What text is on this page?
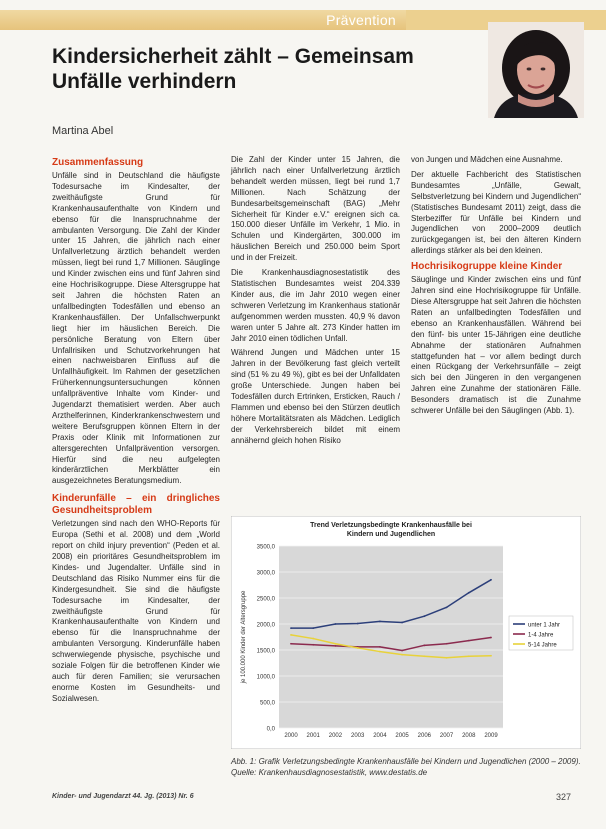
Prävention
Kindersicherheit zählt – Gemeinsam
Unfälle verhindern
Martina Abel
Zusammenfassung

Unfälle sind in Deutschland die häufigste Todesursache im Kindesalter, der zweithäufigste Grund für Krankenhausaufenthalte von Kindern und ebenso für die Inanspruchnahme der ambulanten Versorgung. Die Zahl der Kinder unter 15 Jahren, die jährlich nach einer Unfallverletzung ärztlich behandelt werden müssen, liegt bei rund 1,7 Millionen. Säuglinge und Kinder zwischen eins und fünf Jahren sind eine Hochrisikogruppe. Diese Altersgruppe hat seit Jahren die höchsten Raten an unfallbedingten Todesfällen und ebenso an Krankenhausfällen. Der Unfallschwerpunkt liegt hier im häuslichen Bereich. Die persönliche Beratung von Eltern über Unfallrisiken und Schutzvorkehrungen hat einen nachweisbaren Einfluss auf die Unfallhäufigkeit. Im Rahmen der gesetzlichen Früherkennungsuntersuchungen können unfallpräventive Inhalte vom Kinder- und Jugendarzt thematisiert werden. Aber auch Arzthelferinnen, Kinderkrankenschwestern und weitere Berufsgruppen können Eltern in der Praxis oder Klinik mit Informationen zur altersgerechten Unfallprävention versorgen. Hierfür sind die neu aufgelegten kinderärztlichen Merkblätter ein ausgezeichnetes Beratungsmedium.

Kinderunfälle – ein dringliches Gesundheitsproblem

Verletzungen sind nach den WHO-Reports für Europa (Sethi et al. 2008) und dem „World report on child injury prevention“ (Peden et al. 2008) ein prioritäres Gesundheitsproblem im Kindes- und Jugendalter. Unfälle sind in Deutschland das Risiko Nummer eins für die Kindergesundheit. Sie sind die häufigste Todesursache im Kindesalter, der zweithäufigste Grund für Krankenhausaufenthalte von Kindern und ebenso für die Inanspruchnahme der ambulanten Versorgung. Kinderunfälle haben schwerwiegende physische, psychische und soziale Folgen für die betroffenen Kinder wie auch für deren Familien; sie verursachen enorme Kosten im Gesundheits- und Sozialwesen.

Die Zahl der Kinder unter 15 Jahren, die jährlich nach einer Unfallverletzung ärztlich behandelt werden müssen, liegt bei rund 1,7 Millionen. Nach Schätzung der Bundesarbeitsgemeinschaft (BAG) „Mehr Sicherheit für Kinder e.V.“ ereignen sich ca. 150.000 dieser Unfälle im Verkehr, 1 Mio. in Schulen und Kindergärten, 300.000 im häuslichen Bereich und 250.000 beim Sport und in der Freizeit.

Die Krankenhausdiagnosestatistik des Statistischen Bundesamtes weist 204.339 Kinder aus, die im Jahr 2010 wegen einer schweren Verletzung im Krankenhaus stationär aufgenommen werden mussten. 40,9 % davon waren unter 5 Jahre alt. 273 Kinder hatten im Jahr 2010 einen tödlichen Unfall.

Während Jungen und Mädchen unter 15 Jahren in der Bevölkerung fast gleich verteilt sind (51 % zu 49 %), gibt es bei der Unfalldaten große Unterschiede. Jungen haben bei Todesfällen durch Ertrinken, Ersticken, Rauch / Flammen und ebenso bei den Stürzen deutlich höhere Mortalitätsraten als Mädchen. Lediglich der Verkehrsbereich bildet mit einem annähernd gleich hohen Risiko

von Jungen und Mädchen eine Ausnahme.

Der aktuelle Fachbericht des Statistischen Bundesamtes „Unfälle, Gewalt, Selbstverletzung bei Kindern und Jugendlichen“ (Statistisches Bundesamt 2011) zeigt, dass die Sterbeziffer für Unfälle bei Kindern und Jugendlichen von 2000–2009 deutlich zurückgegangen ist, bei den älteren Kindern allerdings stärker als bei den kleinen.

Hochrisikogruppe kleine Kinder

Säuglinge und Kinder zwischen eins und fünf Jahren sind eine Hochrisikogruppe für Unfälle. Diese Altersgruppe hat seit Jahren die höchsten Raten an unfallbedingten Todesfällen und ebenso an Krankenhausfällen. Während bei den fünf- bis unter 15-Jährigen eine deutliche Abnahme der stationären Aufnahmen stattgefunden hat – vor allem bedingt durch einen Rückgang der Verkehrsunfälle – zeigt sich bei den Jüngeren in den vergangenen Jahren eine Zunahme der stationären Fälle. Besonders dramatisch ist die Zunahme schwerer Unfälle bei den Säuglingen (Abb. 1).

Trend Verletzungsbedingte Krankenhausfälle bei
Kindern und Jugendlichen
3500,0
3000,0
2500,0
2000,0
1500,0
1000,0
500,0
0,0
2000 2001 2002 2003 2004 2005 2006 2007 2008 2009
je 100.000 Kinder der Altersgruppe	unter 1 Jahr
1-4 Jahre
5-14 Jahre
Abb. 1: Grafik Verletzungsbedingte Krankenhausfälle bei Kindern und Jugendlichen (2000 – 2009). Quelle: Krankenhausdiagnosestatistik, www.destatis.de
Kinder- und Jugendarzt 44. Jg. (2013) Nr. 6	327
